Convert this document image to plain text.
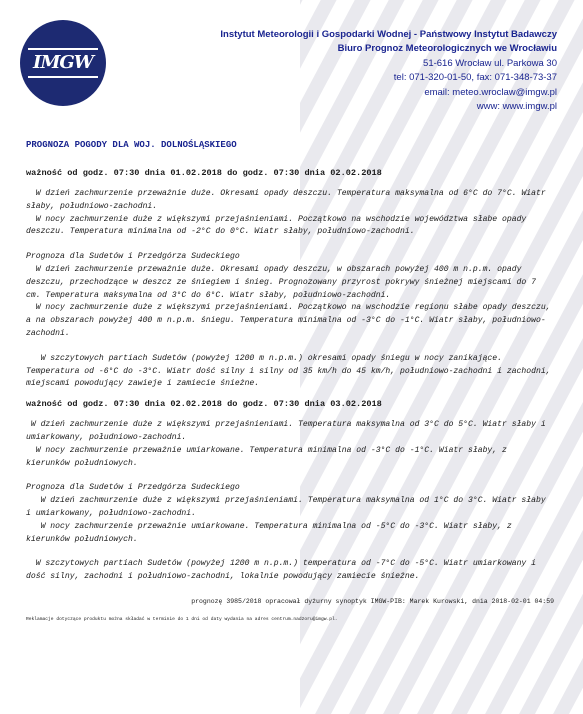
IMGW
Instytut Meteorologii i Gospodarki Wodnej - Państwowy Instytut Badawczy
Biuro Prognoz Meteorologicznych we Wrocławiu
51-616 Wrocław ul. Parkowa 30
tel: 071-320-01-50, fax: 071-348-73-37
email: meteo.wroclaw@imgw.pl
www: www.imgw.pl
PROGNOZA POGODY DLA WOJ. DOLNOŚLĄSKIEGO
ważność od godz. 07:30 dnia 01.02.2018 do godz. 07:30 dnia 02.02.2018

W dzień zachmurzenie przeważnie duże. Okresami opady deszczu. Temperatura maksymalna od 6°C do 7°C. Wiatr słaby, południowo-zachodni.

W nocy zachmurzenie duże z większymi przejaśnieniami. Początkowo na wschodzie województwa słabe opady deszczu. Temperatura minimalna od -2°C do 0°C. Wiatr słaby, południowo-zachodni.

Prognoza dla Sudetów i Przedgórza Sudeckiego

W dzień zachmurzenie przeważnie duże. Okresami opady deszczu, w obszarach powyżej 400 m n.p.m. opady deszczu, przechodzące w deszcz ze śniegiem i śnieg. Prognozowany przyrost pokrywy śnieżnej miejscami do 7 cm. Temperatura maksymalna od 3°C do 6°C. Wiatr słaby, południowo-zachodni.

W nocy zachmurzenie duże z większymi przejaśnieniami. Początkowo na wschodzie regionu słabe opady deszczu, a na obszarach powyżej 400 m n.p.m. śniegu. Temperatura minimalna od -3°C do -1°C. Wiatr słaby, południowo-zachodni.

W szczytowych partiach Sudetów (powyżej 1200 m n.p.m.) okresami opady śniegu w nocy zanikające. Temperatura od -6°C do -3°C. Wiatr dość silny i silny od 35 km/h do 45 km/h, południowo-zachodni i zachodni, miejscami powodujący zawieje i zamiecie śnieżne.

ważność od godz. 07:30 dnia 02.02.2018 do godz. 07:30 dnia 03.02.2018

W dzień zachmurzenie duże z większymi przejaśnieniami. Temperatura maksymalna od 3°C do 5°C. Wiatr słaby i umiarkowany, południowo-zachodni.

W nocy zachmurzenie przeważnie umiarkowane. Temperatura minimalna od -3°C do -1°C. Wiatr słaby, z kierunków południowych.

Prognoza dla Sudetów i Przedgórza Sudeckiego

W dzień zachmurzenie duże z większymi przejaśnieniami. Temperatura maksymalna od 1°C do 3°C. Wiatr słaby i umiarkowany, południowo-zachodni.

W nocy zachmurzenie przeważnie umiarkowane. Temperatura minimalna od -5°C do -3°C. Wiatr słaby, z kierunków południowych.

W szczytowych partiach Sudetów (powyżej 1200 m n.p.m.) temperatura od -7°C do -5°C. Wiatr umiarkowany i dość silny, zachodni i południowo-zachodni, lokalnie powodujący zamiecie śnieżne.

prognozę 3985/2018 opracował dyżurny synoptyk IMGW-PIB: Marek Kurowski, dnia 2018-02-01 04:59
Reklamacje dotyczące produktu można składać w terminie do 1 dni od daty wydania na adres centrum.nadzoru@imgw.pl.
